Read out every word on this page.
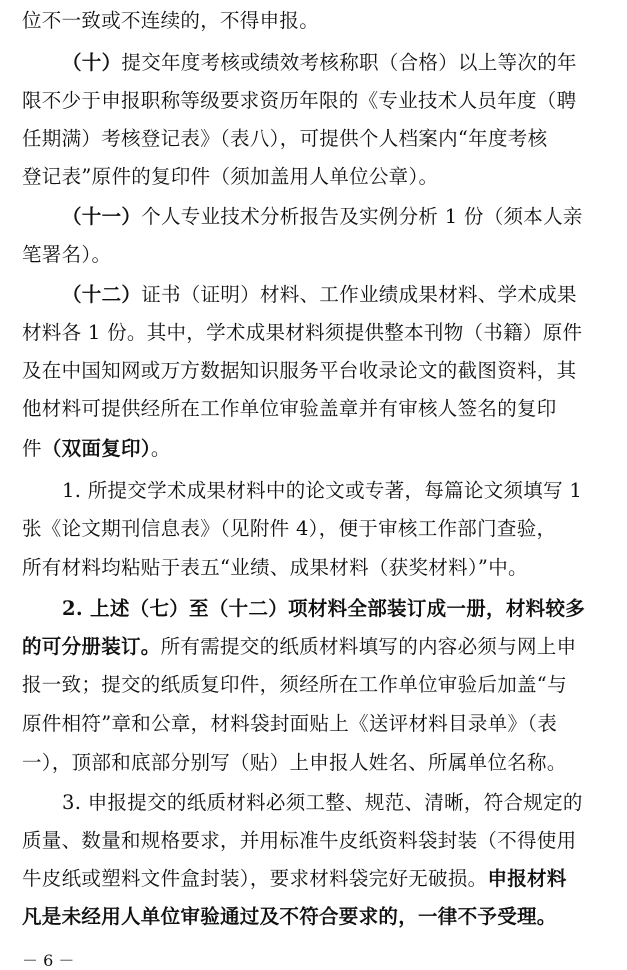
位不一致或不连续的，不得申报。
（十）提交年度考核或绩效考核称职（合格）以上等次的年
限不少于申报职称等级要求资历年限的《专业技术人员年度（聘
任期满）考核登记表》（表八），可提供个人档案内“年度考核
登记表”原件的复印件（须加盖用人单位公章）。
（十一）个人专业技术分析报告及实例分析 1 份（须本人亲
笔署名）。
（十二）证书（证明）材料、工作业绩成果材料、学术成果
材料各 1 份。其中，学术成果材料须提供整本刊物（书籍）原件
及在中国知网或万方数据知识服务平台收录论文的截图资料，其
他材料可提供经所在工作单位审验盖章并有审核人签名的复印
件（双面复印）。
1. 所提交学术成果材料中的论文或专著，每篇论文须填写 1
张《论文期刊信息表》（见附件 4），便于审核工作部门查验，
所有材料均粘贴于表五“业绩、成果材料（获奖材料）”中。
2. 上述（七）至（十二）项材料全部装订成一册，材料较多
的可分册装订。所有需提交的纸质材料填写的内容必须与网上申
报一致；提交的纸质复印件，须经所在工作单位审验后加盖“与
原件相符”章和公章，材料袋封面贴上《送评材料目录单》（表
一），顶部和底部分别写（贴）上申报人姓名、所属单位名称。
3. 申报提交的纸质材料必须工整、规范、清晰，符合规定的
质量、数量和规格要求，并用标准牛皮纸资料袋封装（不得使用
牛皮纸或塑料文件盒封装），要求材料袋完好无破损。申报材料
凡是未经用人单位审验通过及不符合要求的，一律不予受理。
－ 6 －
